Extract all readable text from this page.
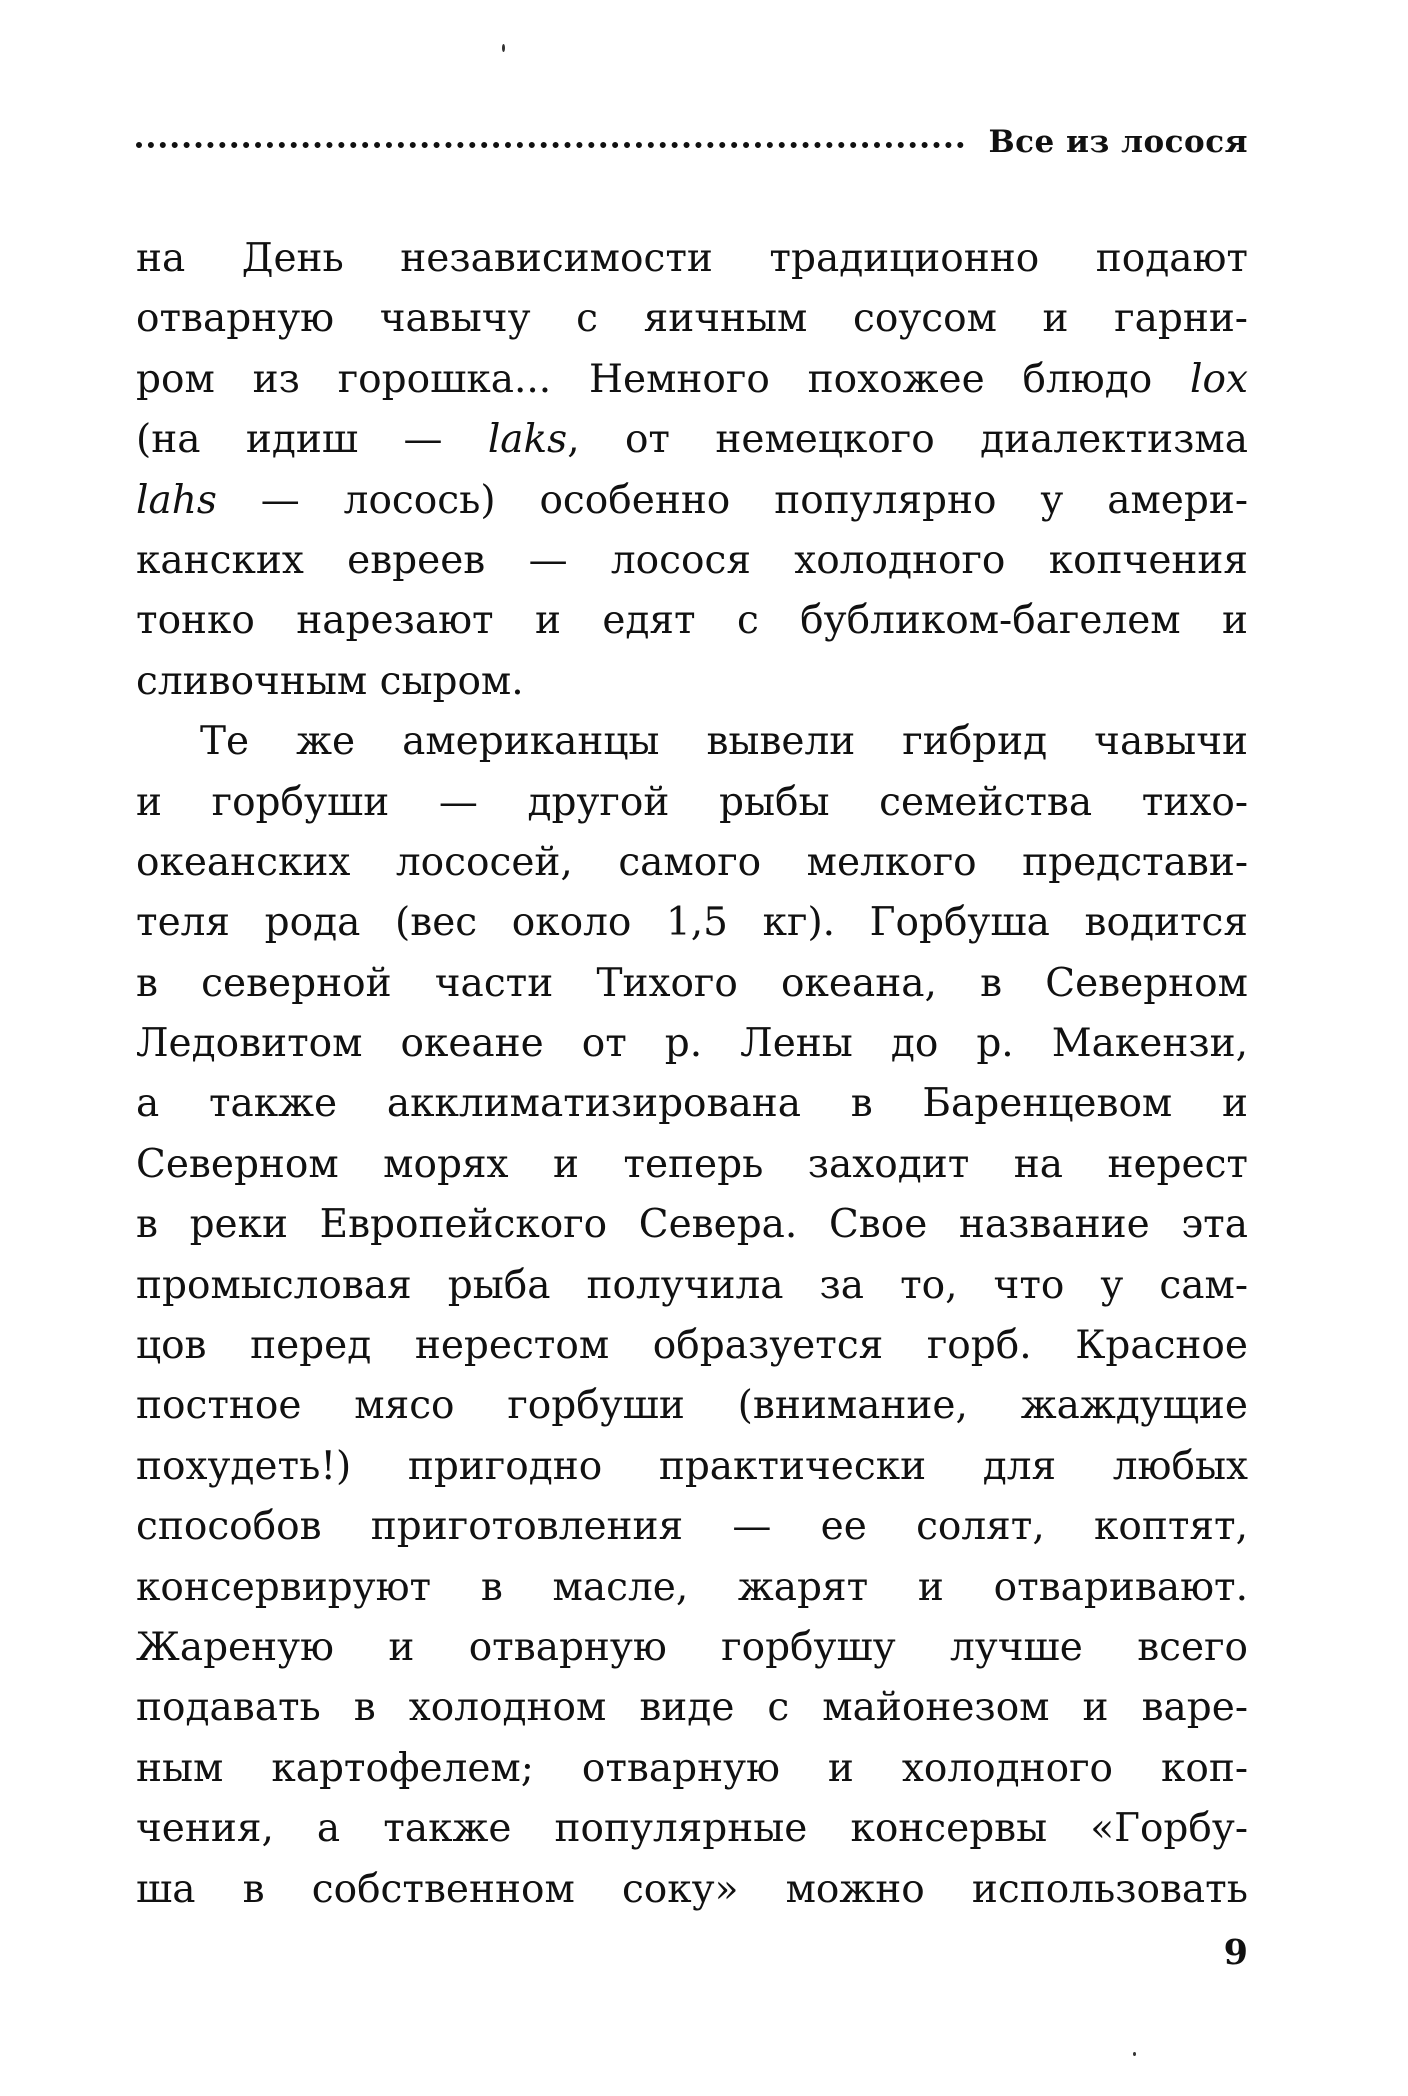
Все из лосося
на День независимости традиционно подают
отварную чавычу с яичным соусом и гарни-
ром из горошка... Немного похожее блюдо lox
(на идиш — laks, от немецкого диалектизма
lahs — лосось) особенно популярно у амери-
канских евреев — лосося холодного копчения
тонко нарезают и едят с бубликом-багелем и
сливочным сыром.
Те же американцы вывели гибрид чавычи
и горбуши — другой рыбы семейства тихо-
океанских лососей, самого мелкого представи-
теля рода (вес около 1,5 кг). Горбуша водится
в северной части Тихого океана, в Северном
Ледовитом океане от р. Лены до р. Макензи,
а также акклиматизирована в Баренцевом и
Северном морях и теперь заходит на нерест
в реки Европейского Севера. Свое название эта
промысловая рыба получила за то, что у сам-
цов перед нерестом образуется горб. Красное
постное мясо горбуши (внимание, жаждущие
похудеть!) пригодно практически для любых
способов приготовления — ее солят, коптят,
консервируют в масле, жарят и отваривают.
Жареную и отварную горбушу лучше всего
подавать в холодном виде с майонезом и варе-
ным картофелем; отварную и холодного коп-
чения, а также популярные консервы «Горбу-
ша в собственном соку» можно использовать
9
